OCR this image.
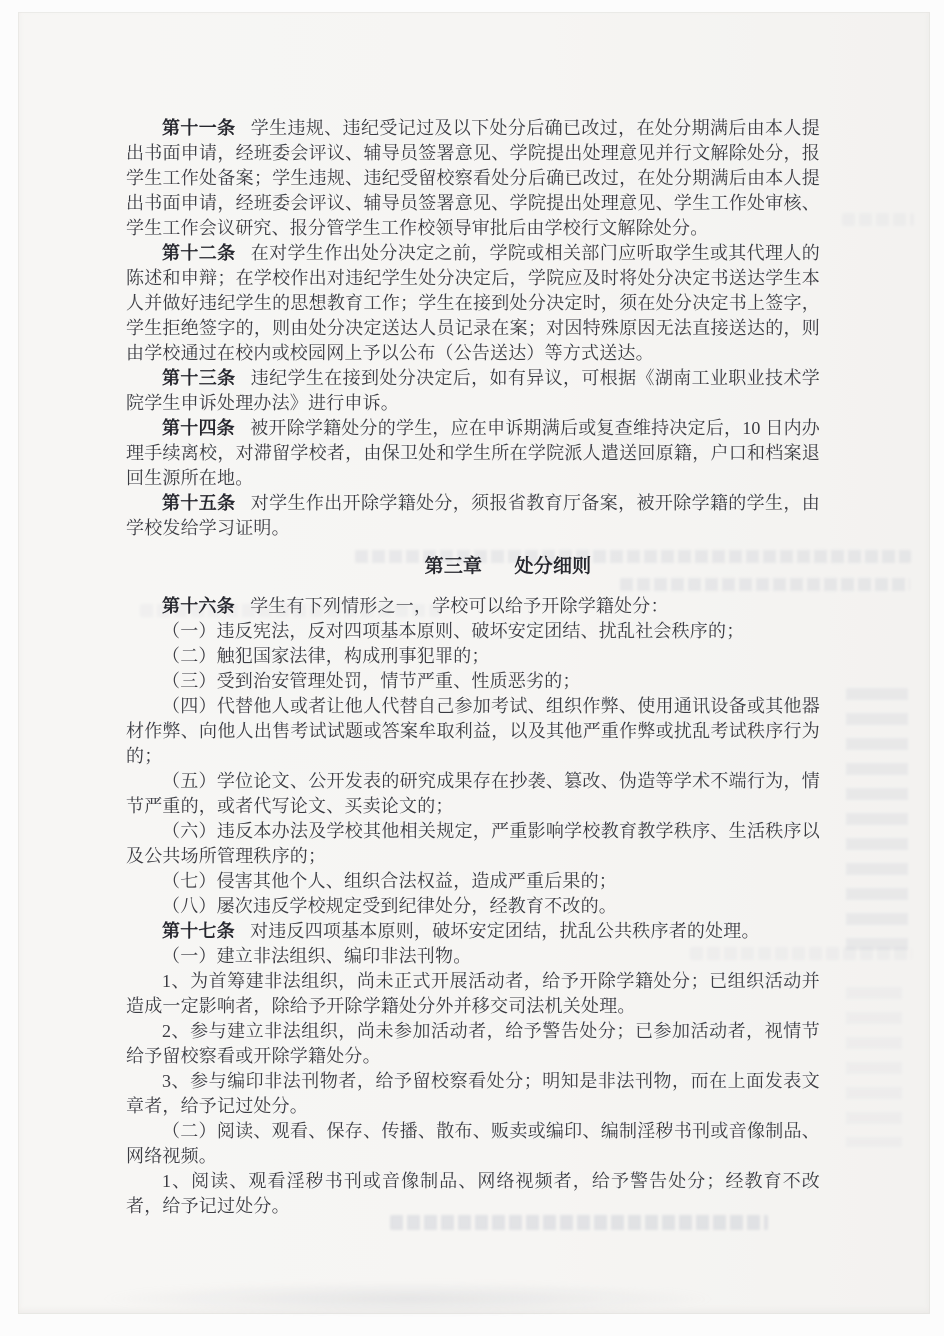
第十一条 学生违规、违纪受记过及以下处分后确已改过，在处分期满后由本人提出书面申请，经班委会评议、辅导员签署意见、学院提出处理意见并行文解除处分，报学生工作处备案；学生违规、违纪受留校察看处分后确已改过，在处分期满后由本人提出书面申请，经班委会评议、辅导员签署意见、学院提出处理意见、学生工作处审核、学生工作会议研究、报分管学生工作校领导审批后由学校行文解除处分。

第十二条 在对学生作出处分决定之前，学院或相关部门应听取学生或其代理人的陈述和申辩；在学校作出对违纪学生处分决定后，学院应及时将处分决定书送达学生本人并做好违纪学生的思想教育工作；学生在接到处分决定时，须在处分决定书上签字，学生拒绝签字的，则由处分决定送达人员记录在案；对因特殊原因无法直接送达的，则由学校通过在校内或校园网上予以公布（公告送达）等方式送达。

第十三条 违纪学生在接到处分决定后，如有异议，可根据《湖南工业职业技术学院学生申诉处理办法》进行申诉。

第十四条 被开除学籍处分的学生，应在申诉期满后或复查维持决定后，10 日内办理手续离校，对滞留学校者，由保卫处和学生所在学院派人遣送回原籍，户口和档案退回生源所在地。

第十五条 对学生作出开除学籍处分，须报省教育厅备案，被开除学籍的学生，由学校发给学习证明。

第三章 处分细则

第十六条 学生有下列情形之一，学校可以给予开除学籍处分：

（一）违反宪法，反对四项基本原则、破坏安定团结、扰乱社会秩序的；

（二）触犯国家法律，构成刑事犯罪的；

（三）受到治安管理处罚，情节严重、性质恶劣的；

（四）代替他人或者让他人代替自己参加考试、组织作弊、使用通讯设备或其他器材作弊、向他人出售考试试题或答案牟取利益，以及其他严重作弊或扰乱考试秩序行为的；

（五）学位论文、公开发表的研究成果存在抄袭、篡改、伪造等学术不端行为，情节严重的，或者代写论文、买卖论文的；

（六）违反本办法及学校其他相关规定，严重影响学校教育教学秩序、生活秩序以及公共场所管理秩序的；

（七）侵害其他个人、组织合法权益，造成严重后果的；

（八）屡次违反学校规定受到纪律处分，经教育不改的。

第十七条 对违反四项基本原则，破坏安定团结，扰乱公共秩序者的处理。

（一）建立非法组织、编印非法刊物。

1、为首筹建非法组织，尚未正式开展活动者，给予开除学籍处分；已组织活动并造成一定影响者，除给予开除学籍处分外并移交司法机关处理。

2、参与建立非法组织，尚未参加活动者，给予警告处分；已参加活动者，视情节给予留校察看或开除学籍处分。

3、参与编印非法刊物者，给予留校察看处分；明知是非法刊物，而在上面发表文章者，给予记过处分。

（二）阅读、观看、保存、传播、散布、贩卖或编印、编制淫秽书刊或音像制品、网络视频。

1、阅读、观看淫秽书刊或音像制品、网络视频者，给予警告处分；经教育不改者，给予记过处分。
